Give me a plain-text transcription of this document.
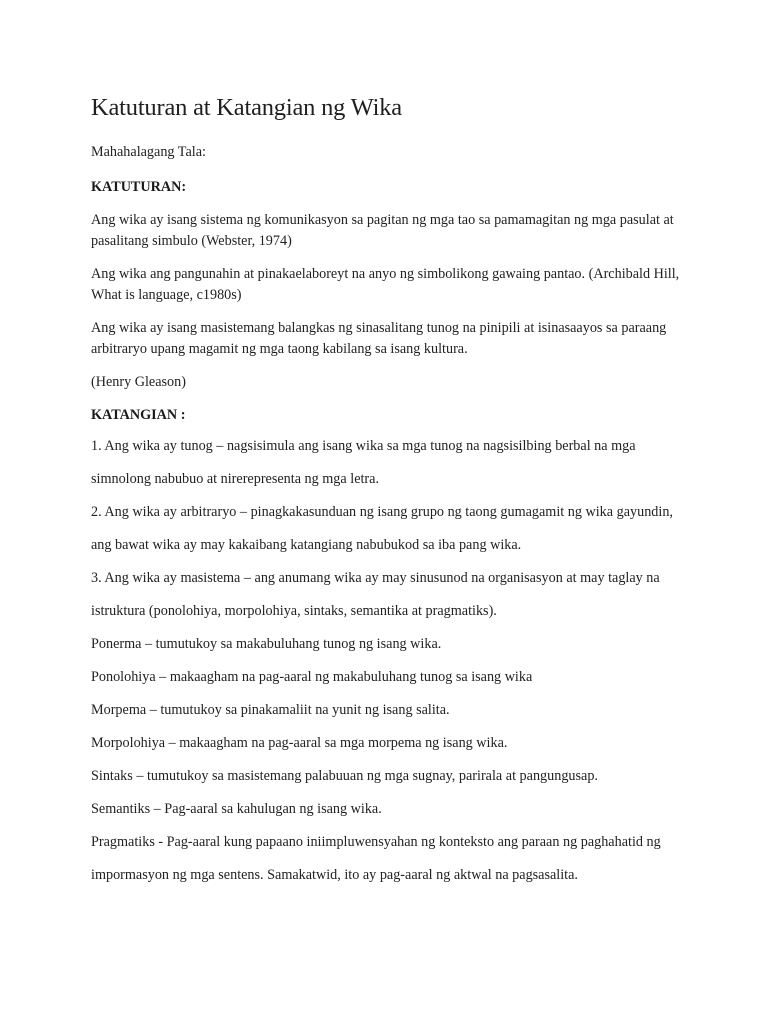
Katuturan at Katangian ng Wika

Mahahalagang Tala:

KATUTURAN:

Ang wika ay isang sistema ng komunikasyon sa pagitan ng mga tao sa pamamagitan ng mga pasulat at pasalitang simbulo (Webster, 1974)

Ang wika ang pangunahin at pinakaelaboreyt na anyo ng simbolikong gawaing pantao. (Archibald Hill, What is language, c1980s)

Ang wika ay isang masistemang balangkas ng sinasalitang tunog na pinipili at isinasaayos sa paraang arbitraryo upang magamit ng mga taong kabilang sa isang kultura.

(Henry Gleason)

KATANGIAN :

1. Ang wika ay tunog – nagsisimula ang isang wika sa mga tunog na nagsisilbing berbal na mga simnolong nabubuo at nirerepresenta ng mga letra.

2. Ang wika ay arbitraryo – pinagkakasunduan ng isang grupo ng taong gumagamit ng wika gayundin, ang bawat wika ay may kakaibang katangiang nabubukod sa iba pang wika.

3. Ang wika ay masistema – ang anumang wika ay may sinusunod na organisasyon at may taglay na istruktura (ponolohiya, morpolohiya, sintaks, semantika at pragmatiks).

Ponerma – tumutukoy sa makabuluhang tunog ng isang wika.

Ponolohiya – makaagham na pag-aaral ng makabuluhang tunog sa isang wika

Morpema – tumutukoy sa pinakamaliit na yunit ng isang salita.

Morpolohiya – makaagham na pag-aaral sa mga morpema ng isang wika.

Sintaks – tumutukoy sa masistemang palabuuan ng mga sugnay, parirala at pangungusap.

Semantiks – Pag-aaral sa kahulugan ng isang wika.

Pragmatiks - Pag-aaral kung papaano iniimpluwensyahan ng konteksto ang paraan ng paghahatid ng impormasyon ng mga sentens. Samakatwid, ito ay pag-aaral ng aktwal na pagsasalita.
